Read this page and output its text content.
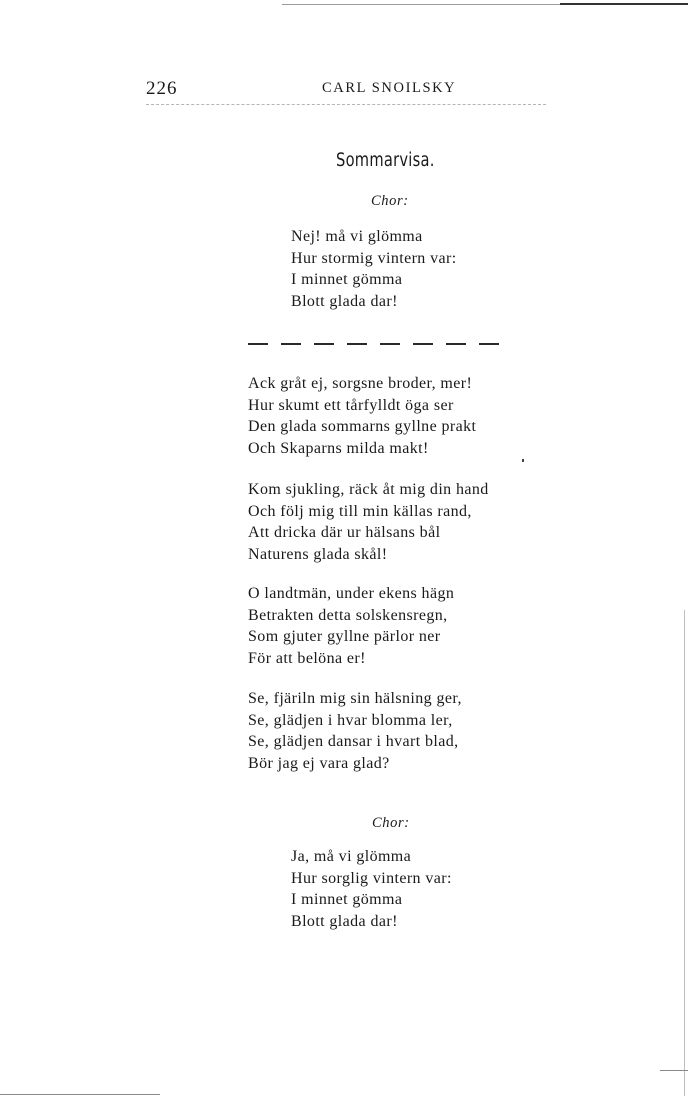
226	CARL SNOILSKY
Sommarvisa.
Chor:
Nej! må vi glömma
Hur stormig vintern var:
I minnet gömma
Blott glada dar!
Ack gråt ej, sorgsne broder, mer!
Hur skumt ett tårfylldt öga ser
Den glada sommarns gyllne prakt
Och Skaparns milda makt!
Kom sjukling, räck åt mig din hand
Och följ mig till min källas rand,
Att dricka där ur hälsans bål
Naturens glada skål!
O landtmän, under ekens hägn
Betrakten detta solskensregn,
Som gjuter gyllne pärlor ner
För att belöna er!
Se, fjäriln mig sin hälsning ger,
Se, glädjen i hvar blomma ler,
Se, glädjen dansar i hvart blad,
Bör jag ej vara glad?
Chor:
Ja, må vi glömma
Hur sorglig vintern var:
I minnet gömma
Blott glada dar!
